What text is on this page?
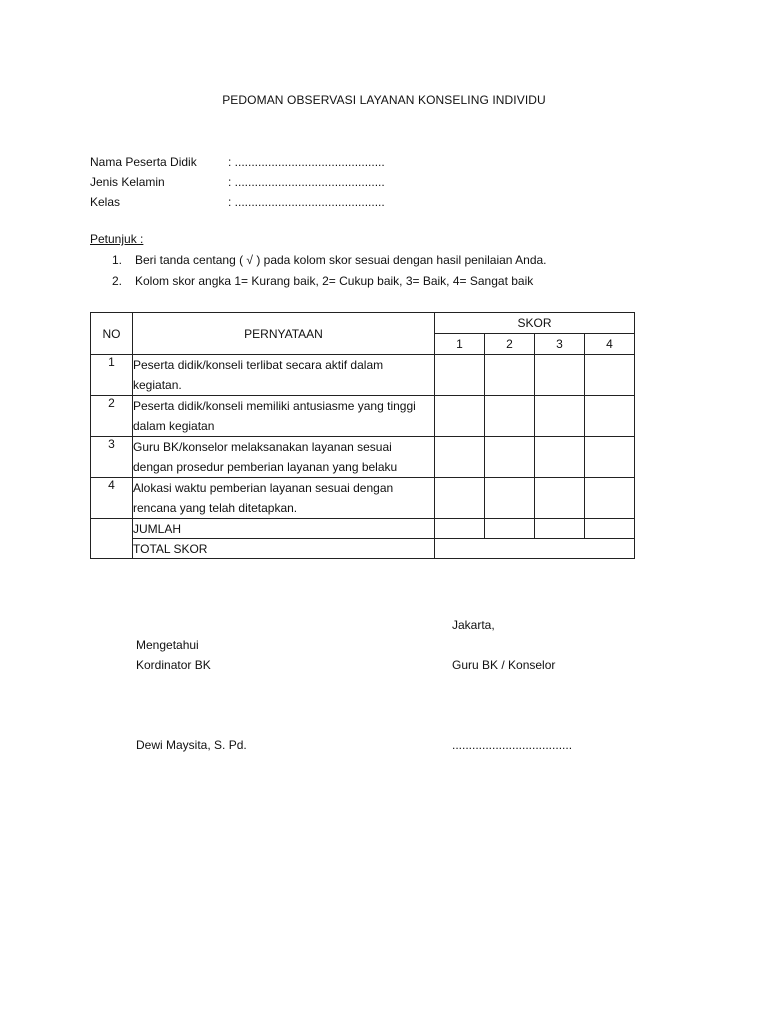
PEDOMAN OBSERVASI LAYANAN KONSELING INDIVIDU
Nama Peserta Didik	: .............................................
Jenis Kelamin	: .............................................
Kelas	: .............................................
Petunjuk :
1. Beri tanda centang ( √ ) pada kolom skor sesuai dengan hasil penilaian Anda.
2. Kolom skor angka 1= Kurang baik, 2= Cukup baik, 3= Baik, 4= Sangat baik
NO	PERNYATAAN	SKOR			
		1	2	3	4
1	Peserta didik/konseli terlibat secara aktif dalam kegiatan.				
2	Peserta didik/konseli memiliki antusiasme yang tinggi dalam kegiatan				
3	Guru BK/konselor melaksanakan layanan sesuai dengan prosedur pemberian layanan yang belaku				
4	Alokasi waktu pemberian layanan sesuai dengan rencana yang telah ditetapkan.				
	JUMLAH				
	TOTAL SKOR				
Jakarta,
Mengetahui
Kordinator BK	Guru BK / Konselor
Dewi Maysita, S. Pd.	....................................
